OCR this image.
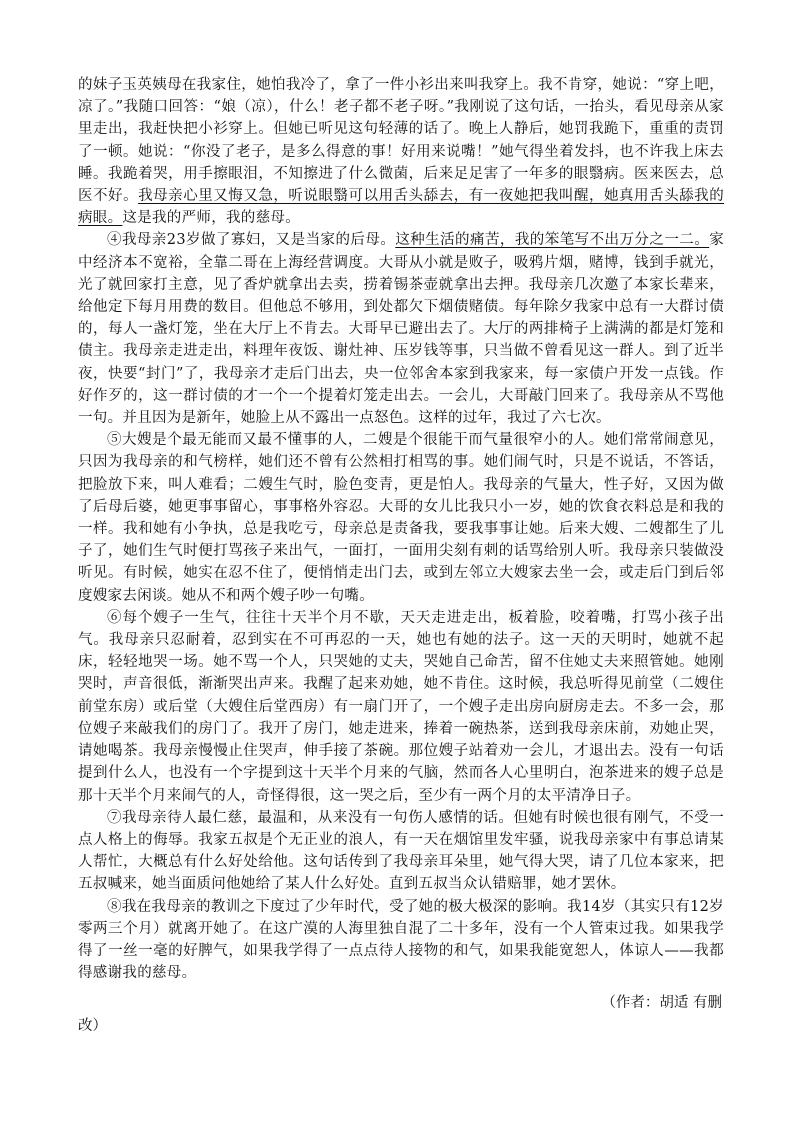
的妹子玉英姨母在我家住，她怕我冷了，拿了一件小衫出来叫我穿上。我不肯穿，她说：“穿上吧，凉了。”我随口回答：“娘（凉），什么！老子都不老子呀。”我刚说了这句话，一抬头，看见母亲从家里走出，我赶快把小衫穿上。但她已听见这句轻薄的话了。晚上人静后，她罚我跪下，重重的责罚了一顿。她说：“你没了老子，是多么得意的事！好用来说嘴！”她气得坐着发抖，也不许我上床去睡。我跪着哭，用手擦眼泪，不知擦进了什么微菌，后来足足害了一年多的眼翳病。医来医去，总医不好。我母亲心里又悔又急，听说眼翳可以用舌头舔去，有一夜她把我叫醒，她真用舌头舔我的病眼。这是我的严师，我的慈母。

④我母亲23岁做了寡妇，又是当家的后母。这种生活的痛苦，我的笨笔写不出万分之一二。家中经济本不宽裕，全靠二哥在上海经营调度。大哥从小就是败子，吸鸦片烟，赌博，钱到手就光，光了就回家打主意，见了香炉就拿出去卖，捞着锡茶壶就拿出去押。我母亲几次邀了本家长辈来，给他定下每月用费的数目。但他总不够用，到处都欠下烟债赌债。每年除夕我家中总有一大群讨债的，每人一盏灯笼，坐在大厅上不肯去。大哥早已避出去了。大厅的两排椅子上满满的都是灯笼和债主。我母亲走进走出，料理年夜饭、谢灶神、压岁钱等事，只当做不曾看见这一群人。到了近半夜，快要“封门”了，我母亲才走后门出去，央一位邻舍本家到我家来，每一家债户开发一点钱。作好作歹的，这一群讨债的才一个一个提着灯笼走出去。一会儿，大哥敲门回来了。我母亲从不骂他一句。并且因为是新年，她脸上从不露出一点怒色。这样的过年，我过了六七次。

⑤大嫂是个最无能而又最不懂事的人，二嫂是个很能干而气量很窄小的人。她们常常闹意见，只因为我母亲的和气榜样，她们还不曾有公然相打相骂的事。她们闹气时，只是不说话，不答话，把脸放下来，叫人难看；二嫂生气时，脸色变青，更是怕人。我母亲的气量大，性子好，又因为做了后母后婆，她更事事留心，事事格外容忍。大哥的女儿比我只小一岁，她的饮食衣料总是和我的一样。我和她有小争执，总是我吃亏，母亲总是责备我，要我事事让她。后来大嫂、二嫂都生了儿子了，她们生气时便打骂孩子来出气，一面打，一面用尖刻有刺的话骂给别人听。我母亲只装做没听见。有时候，她实在忍不住了，便悄悄走出门去，或到左邻立大嫂家去坐一会，或走后门到后邻度嫂家去闲谈。她从不和两个嫂子吵一句嘴。

⑥每个嫂子一生气，往往十天半个月不歇，天天走进走出，板着脸，咬着嘴，打骂小孩子出气。我母亲只忍耐着，忍到实在不可再忍的一天，她也有她的法子。这一天的天明时，她就不起床，轻轻地哭一场。她不骂一个人，只哭她的丈夫，哭她自己命苦，留不住她丈夫来照管她。她刚哭时，声音很低，渐渐哭出声来。我醒了起来劝她，她不肯住。这时候，我总听得见前堂（二嫂住前堂东房）或后堂（大嫂住后堂西房）有一扇门开了，一个嫂子走出房向厨房走去。不多一会，那位嫂子来敲我们的房门了。我开了房门，她走进来，捧着一碗热茶，送到我母亲床前，劝她止哭，请她喝茶。我母亲慢慢止住哭声，伸手接了茶碗。那位嫂子站着劝一会儿，才退出去。没有一句话提到什么人，也没有一个字提到这十天半个月来的气脑，然而各人心里明白，泡茶进来的嫂子总是那十天半个月来闹气的人，奇怪得很，这一哭之后，至少有一两个月的太平清净日子。

⑦我母亲待人最仁慈，最温和，从来没有一句伤人感情的话。但她有时候也很有刚气，不受一点人格上的侮辱。我家五叔是个无正业的浪人，有一天在烟馆里发牢骚，说我母亲家中有事总请某人帮忙，大概总有什么好处给他。这句话传到了我母亲耳朵里，她气得大哭，请了几位本家来，把五叔喊来，她当面质问他她给了某人什么好处。直到五叔当众认错赔罪，她才罢休。

⑧我在我母亲的教训之下度过了少年时代，受了她的极大极深的影响。我14岁（其实只有12岁零两三个月）就离开她了。在这广漠的人海里独自混了二十多年，没有一个人管束过我。如果我学得了一丝一毫的好脾气，如果我学得了一点点待人接物的和气，如果我能宽恕人，体谅人——我都得感谢我的慈母。

（作者：胡适 有删

改）
